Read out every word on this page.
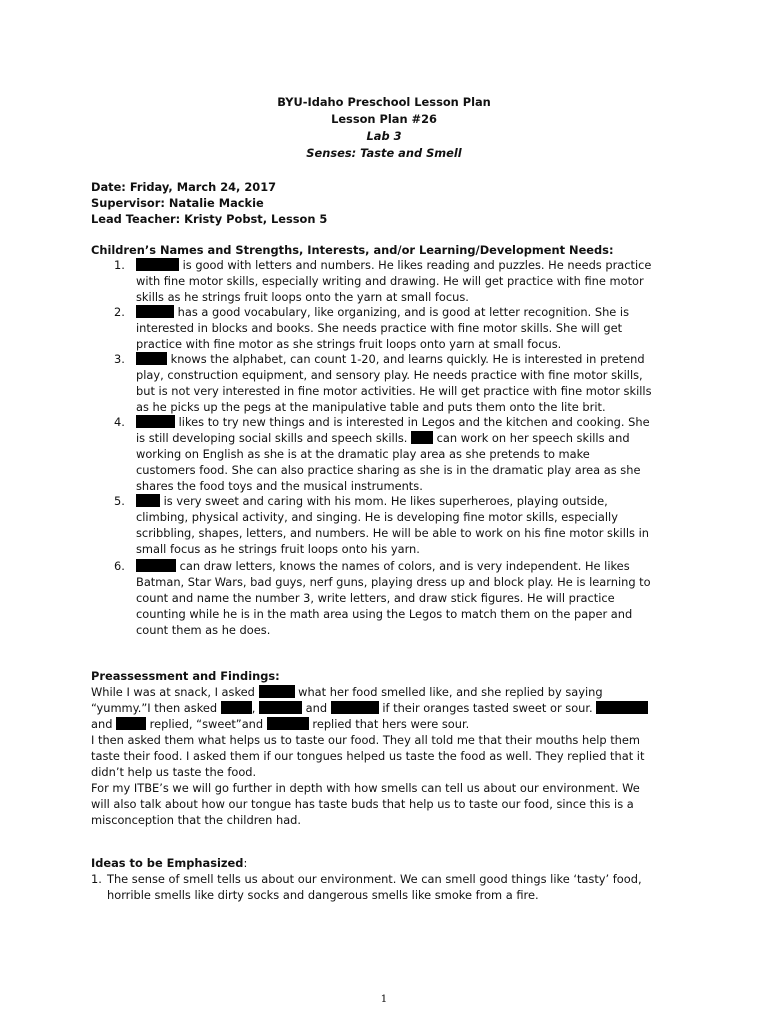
BYU-Idaho Preschool Lesson Plan
Lesson Plan #26
Lab 3
Senses: Taste and Smell
Date: Friday, March 24, 2017
Supervisor: Natalie Mackie
Lead Teacher: Kristy Pobst, Lesson 5
Children’s Names and Strengths, Interests, and/or Learning/Development Needs:
1.	is good with letters and numbers. He likes reading and puzzles. He needs practice
with fine motor skills, especially writing and drawing. He will get practice with fine motor
skills as he strings fruit loops onto the yarn at small focus.
2.	has a good vocabulary, like organizing, and is good at letter recognition. She is
interested in blocks and books. She needs practice with fine motor skills. She will get
practice with fine motor as she strings fruit loops onto yarn at small focus.
3.	knows the alphabet, can count 1-20, and learns quickly. He is interested in pretend
play, construction equipment, and sensory play. He needs practice with fine motor skills,
but is not very interested in fine motor activities. He will get practice with fine motor skills
as he picks up the pegs at the manipulative table and puts them onto the lite brit.
4.	likes to try new things and is interested in Legos and the kitchen and cooking. She
is still developing social skills and speech skills.  can work on her speech skills and
working on English as she is at the dramatic play area as she pretends to make
customers food. She can also practice sharing as she is in the dramatic play area as she
shares the food toys and the musical instruments.
5.	is very sweet and caring with his mom. He likes superheroes, playing outside,
climbing, physical activity, and singing. He is developing fine motor skills, especially
scribbling, shapes, letters, and numbers. He will be able to work on his fine motor skills in
small focus as he strings fruit loops onto his yarn.
6.	can draw letters, knows the names of colors, and is very independent. He likes
Batman, Star Wars, bad guys, nerf guns, playing dress up and block play. He is learning to
count and name the number 3, write letters, and draw stick figures. He will practice
counting while he is in the math area using the Legos to match them on the paper and
count them as he does.
Preassessment and Findings:
While I was at snack, I asked	what her food smelled like, and she replied by saying
“yummy.”I then asked	,	and	if their oranges tasted sweet or sour.
and	replied, “sweet”and	replied that hers were sour.
I then asked them what helps us to taste our food. They all told me that their mouths help them
taste their food. I asked them if our tongues helped us taste the food as well. They replied that it
didn’t help us taste the food.
For my ITBE’s we will go further in depth with how smells can tell us about our environment. We
will also talk about how our tongue has taste buds that help us to taste our food, since this is a
misconception that the children had.
Ideas to be Emphasized:
1. The sense of smell tells us about our environment. We can smell good things like ‘tasty’ food,
horrible smells like dirty socks and dangerous smells like smoke from a fire.
1
